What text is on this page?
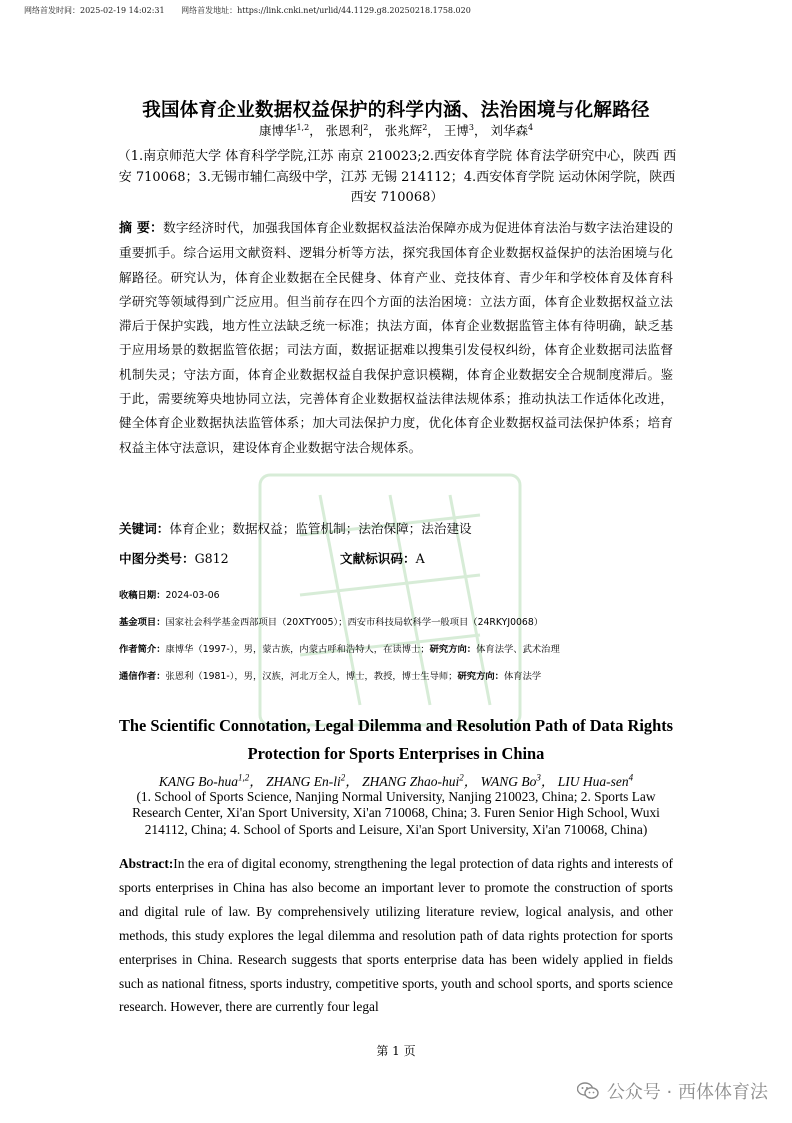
网络首发时间：2025-02-19 14:02:31 网络首发地址：https://link.cnki.net/urlid/44.1129.g8.20250218.1758.020
我国体育企业数据权益保护的科学内涵、法治困境与化解路径
康博华$^{1,2}$， 张恩利$^2$， 张兆辉$^2$， 王博$^3$， 刘华森$^4$
（1.南京师范大学 体育科学学院,江苏 南京 210023;2.西安体育学院 体育法学研究中心，陕西 西安 710068；3.无锡市辅仁高级中学，江苏 无锡 214112；4.西安体育学院 运动休闲学院，陕西 西安 710068）
摘 要：数字经济时代，加强我国体育企业数据权益法治保障亦成为促进体育法治与数字法治建设的重要抓手。综合运用文献资料、逻辑分析等方法，探究我国体育企业数据权益保护的法治困境与化解路径。研究认为，体育企业数据在全民健身、体育产业、竞技体育、青少年和学校体育及体育科学研究等领域得到广泛应用。但当前存在四个方面的法治困境：立法方面，体育企业数据权益立法滞后于保护实践，地方性立法缺乏统一标准；执法方面，体育企业数据监管主体有待明确，缺乏基于应用场景的数据监管依据；司法方面，数据证据难以搜集引发侵权纠纷，体育企业数据司法监督机制失灵；守法方面，体育企业数据权益自我保护意识模糊，体育企业数据安全合规制度滞后。鉴于此，需要统筹央地协同立法，完善体育企业数据权益法律法规体系；推动执法工作适体化改进，健全体育企业数据执法监管体系；加大司法保护力度，优化体育企业数据权益司法保护体系；培育权益主体守法意识，建设体育企业数据守法合规体系。
关键词：体育企业；数据权益；监管机制；法治保障；法治建设
中图分类号：G812	文献标识码：A
收稿日期：2024-03-06
基金项目：国家社会科学基金西部项目（20XTY005）；西安市科技局软科学一般项目（24RKYJ0068）
作者简介：康博华（1997-），男，蒙古族，内蒙古呼和浩特人，在读博士；研究方向：体育法学、武术治理
通信作者：张恩利（1981-），男，汉族，河北万全人，博士，教授，博士生导师；研究方向：体育法学
The Scientific Connotation, Legal Dilemma and Resolution Path of Data Rights
Protection for Sports Enterprises in China
KANG Bo-hua$^{1,2}$， ZHANG $En-li^2$， ZHANG Zhao-hui$^2$， WANG Bo$^3$， LIU Hua-sen$^4$
(1. School of Sports Science, Nanjing Normal University, Nanjing 210023, China; 2. Sports Law Research Center, Xi'an Sport University, Xi'an 710068, China; 3. Furen Senior High School, Wuxi 214112, China; 4. School of Sports and Leisure, Xi'an Sport University, Xi'an 710068, China)
Abstract:In the era of digital economy, strengthening the legal protection of data rights and interests of sports enterprises in China has also become an important lever to promote the construction of sports and digital rule of law. By comprehensively utilizing literature review, logical analysis, and other methods, this study explores the legal dilemma and resolution path of data rights protection for sports enterprises in China. Research suggests that sports enterprise data has been widely applied in fields such as national fitness, sports industry, competitive sports, youth and school sports, and sports science research. However, there are currently four legal
第 1 页
公众号 · 西体体育法
